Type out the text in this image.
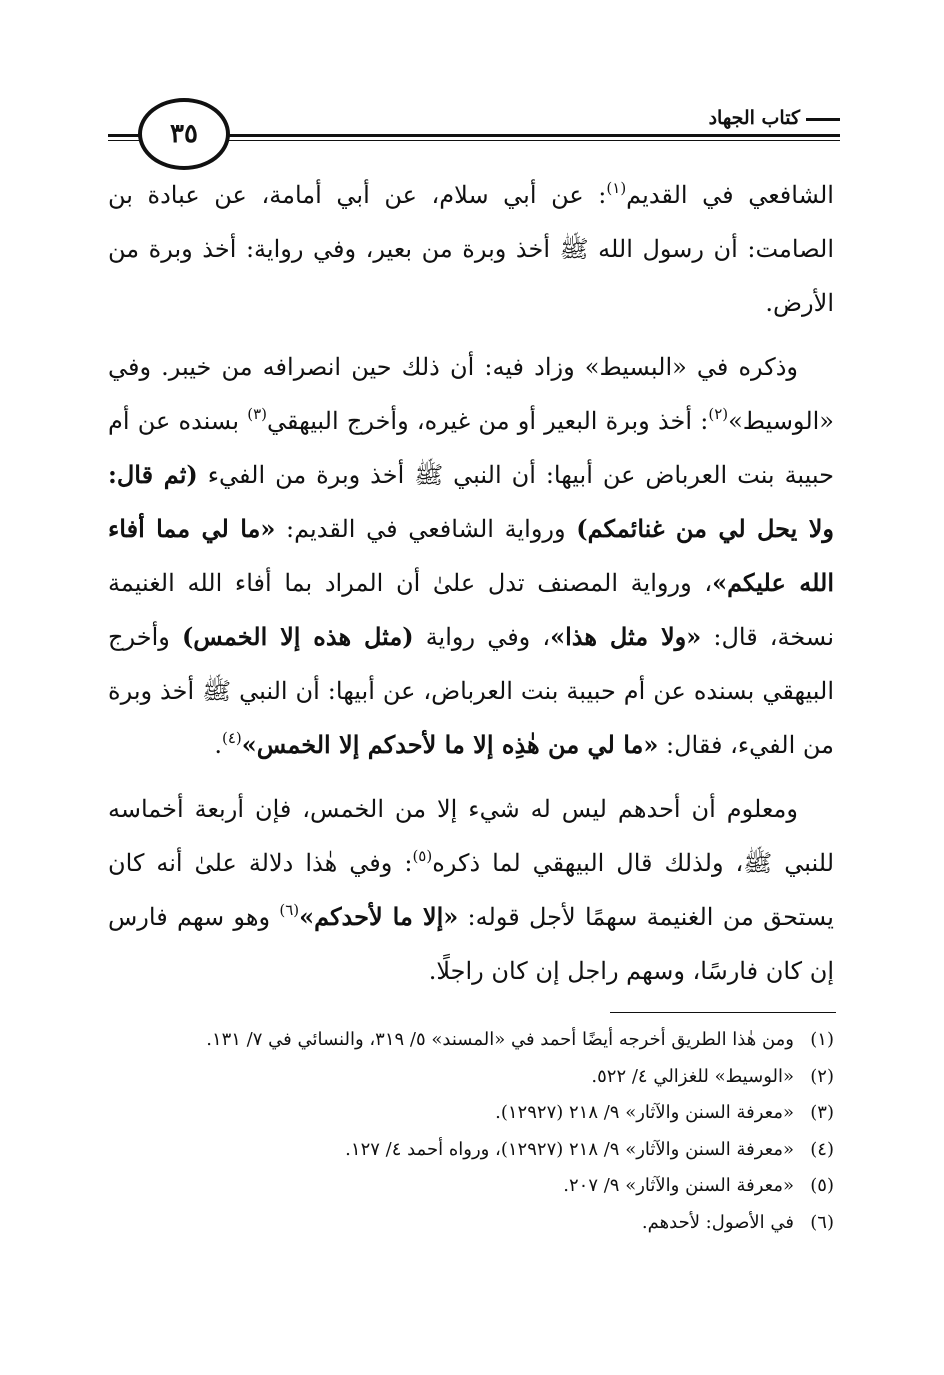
كتاب الجهاد
٣٥

الشافعي في القديم$^{(١)}$: عن أبي سلام، عن أبي أمامة، عن عبادة بن الصامت: أن رسول الله ﷺ أخذ وبرة من بعير، وفي رواية: أخذ وبرة من الأرض.

وذكره في «البسيط» وزاد فيه: أن ذلك حين انصرافه من خيبر. وفي «الوسيط»$^{(٢)}$: أخذ وبرة البعير أو من غيره، وأخرج البيهقي$^{(٣)}$ بسنده عن أم حبيبة بنت العرباض عن أبيها: أن النبي ﷺ أخذ وبرة من الفيء (ثم قال: ولا يحل لي من غنائمكم) ورواية الشافعي في القديم: «ما لي مما أفاء الله عليكم»، ورواية المصنف تدل علىٰ أن المراد بما أفاء الله الغنيمة نسخة، قال: «ولا مثل هذا»، وفي رواية (مثل هذه إلا الخمس) وأخرج البيهقي بسنده عن أم حبيبة بنت العرباض، عن أبيها: أن النبي ﷺ أخذ وبرة من الفيء، فقال: «ما لي من هٰذِه إلا ما لأحدكم إلا الخمس»$^{(٤)}$.

ومعلوم أن أحدهم ليس له شيء إلا من الخمس، فإن أربعة أخماسه للنبي ﷺ، ولذلك قال البيهقي لما ذكره$^{(٥)}$: وفي هٰذا دلالة علىٰ أنه كان يستحق من الغنيمة سهمًا لأجل قوله: «إلا ما لأحدكم»$^{(٦)}$ وهو سهم فارس إن كان فارسًا، وسهم راجل إن كان راجلًا.

(١)ومن هٰذا الطريق أخرجه أيضًا أحمد في «المسند» ٥/ ٣١٩، والنسائي في ٧/ ١٣١.
(٢)«الوسيط» للغزالي ٤/ ٥٢٢.
(٣)«معرفة السنن والآثار» ٩/ ٢١٨ (١٢٩٢٧).
(٤)«معرفة السنن والآثار» ٩/ ٢١٨ (١٢٩٢٧)، ورواه أحمد ٤/ ١٢٧.
(٥)«معرفة السنن والآثار» ٩/ ٢٠٧.
(٦)في الأصول: لأحدهم.
